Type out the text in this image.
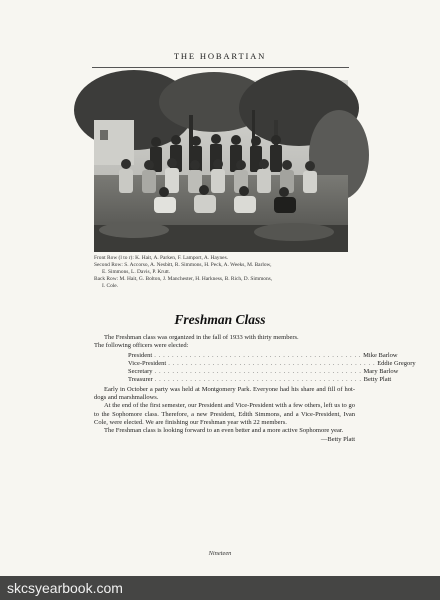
THE HOBARTIAN

Front Row (l to r): K. Hait, A. Parken, F. Lamport, A. Haynes.

Second Row: S. Accorso, A. Nesbitt, R. Simmons, H. Peck, A. Weeks, M. Barlow,

E. Simmons, L. Davis, P. Krutt.

Back Row: M. Hait, G. Bolton, J. Manchester, H. Harkness, B. Rich, D. Simmons,

I. Cole.

Freshman Class

The Freshman class was organized in the fall of 1933 with thirty members.

The following officers were elected:

President . . . . . . . . . . . . . . . . . . . . . . . . . . . . . . . . . . . . . . . . . . . . . . . Mike Barlow
Vice-President . . . . . . . . . . . . . . . . . . . . . . . . . . . . . . . . . . . . . . . . . . . . . . . Eddie Gregory
Secretary . . . . . . . . . . . . . . . . . . . . . . . . . . . . . . . . . . . . . . . . . . . . . . . Mary Barlow
Treasurer . . . . . . . . . . . . . . . . . . . . . . . . . . . . . . . . . . . . . . . . . . . . . . . Betty Platt

Early in October a party was held at Montgomery Park. Everyone had his share and fill of hot-dogs and marshmallows.

At the end of the first semester, our President and Vice-President with a few others, left us to go to the Sophomore class. Therefore, a new President, Edith Simmons, and a Vice-President, Ivan Cole, were elected. We are finishing our Freshman year with 22 members.

The Freshman class is looking forward to an even better and a more active Sophomore year.

—Betty Platt

Nineteen
skcsyearbook.com
